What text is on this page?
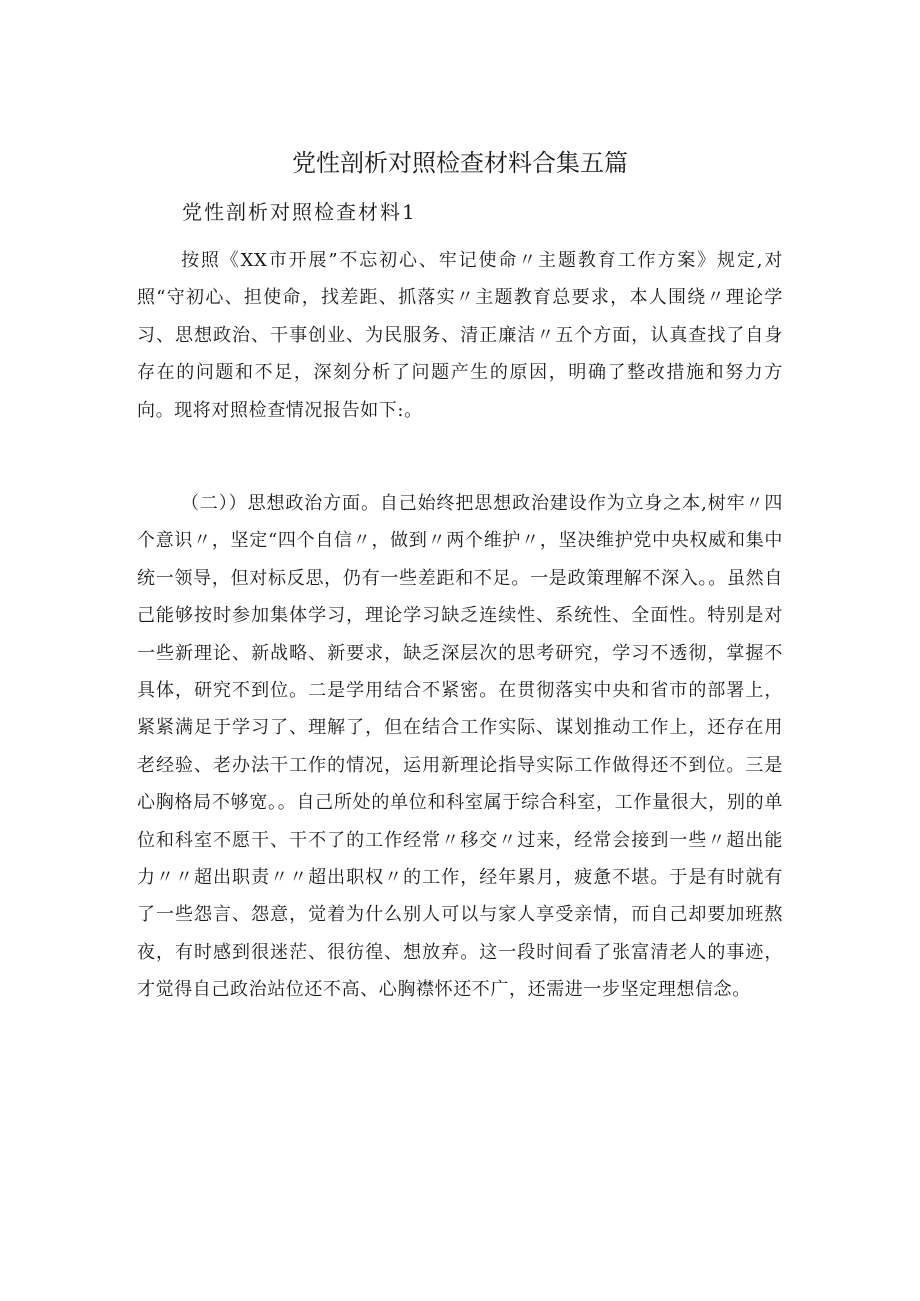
党性剖析对照检查材料合集五篇
党性剖析对照检查材料1

按照《XX市开展”不忘初心、牢记使命〃主题教育工作方案》规定,对照“守初心、担使命，找差距、抓落实〃主题教育总要求，本人围绕〃理论学习、思想政治、干事创业、为民服务、清正廉洁〃五个方面，认真查找了自身存在的问题和不足，深刻分析了问题产生的原因，明确了整改措施和努力方向。现将对照检查情况报告如下:。

（二））思想政治方面。自己始终把思想政治建设作为立身之本,树牢〃四个意识〃，坚定“四个自信〃，做到〃两个维护〃，坚决维护党中央权威和集中统一领导，但对标反思，仍有一些差距和不足。一是政策理解不深入。。虽然自己能够按时参加集体学习，理论学习缺乏连续性、系统性、全面性。特别是对一些新理论、新战略、新要求，缺乏深层次的思考研究，学习不透彻，掌握不具体，研究不到位。二是学用结合不紧密。在贯彻落实中央和省市的部署上，紧紧满足于学习了、理解了，但在结合工作实际、谋划推动工作上，还存在用老经验、老办法干工作的情况，运用新理论指导实际工作做得还不到位。三是心胸格局不够宽。。自己所处的单位和科室属于综合科室，工作量很大，别的单位和科室不愿干、干不了的工作经常〃移交〃过来，经常会接到一些〃超出能力〃〃超出职责〃〃超出职权〃的工作，经年累月，疲惫不堪。于是有时就有了一些怨言、怨意，觉着为什么别人可以与家人享受亲情，而自己却要加班熬夜，有时感到很迷茫、很彷徨、想放弃。这一段时间看了张富清老人的事迹，才觉得自己政治站位还不高、心胸襟怀还不广，还需进一步坚定理想信念。
